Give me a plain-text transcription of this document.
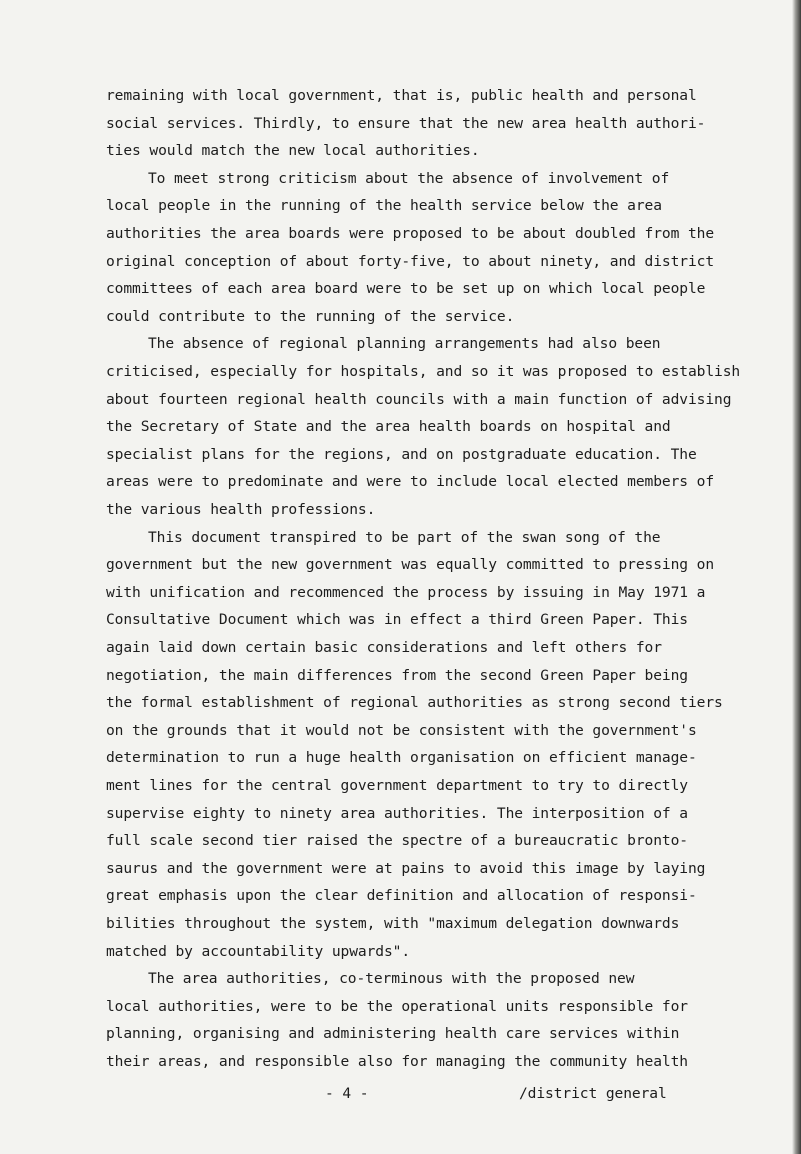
remaining with local government, that is, public health and personal
social services. Thirdly, to ensure that the new area health authori-
ties would match the new local authorities.
To meet strong criticism about the absence of involvement of
local people in the running of the health service below the area
authorities the area boards were proposed to be about doubled from the
original conception of about forty-five, to about ninety, and district
committees of each area board were to be set up on which local people
could contribute to the running of the service.
The absence of regional planning arrangements had also been
criticised, especially for hospitals, and so it was proposed to establish
about fourteen regional health councils with a main function of advising
the Secretary of State and the area health boards on hospital and
specialist plans for the regions, and on postgraduate education. The
areas were to predominate and were to include local elected members of
the various health professions.
This document transpired to be part of the swan song of the
government but the new government was equally committed to pressing on
with unification and recommenced the process by issuing in May 1971 a
Consultative Document which was in effect a third Green Paper. This
again laid down certain basic considerations and left others for
negotiation, the main differences from the second Green Paper being
the formal establishment of regional authorities as strong second tiers
on the grounds that it would not be consistent with the government's
determination to run a huge health organisation on efficient manage-
ment lines for the central government department to try to directly
supervise eighty to ninety area authorities. The interposition of a
full scale second tier raised the spectre of a bureaucratic bronto-
saurus and the government were at pains to avoid this image by laying
great emphasis upon the clear definition and allocation of responsi-
bilities throughout the system, with "maximum delegation downwards
matched by accountability upwards".
The area authorities, co-terminous with the proposed new
local authorities, were to be the operational units responsible for
planning, organising and administering health care services within
their areas, and responsible also for managing the community health
- 4 -	/district general
